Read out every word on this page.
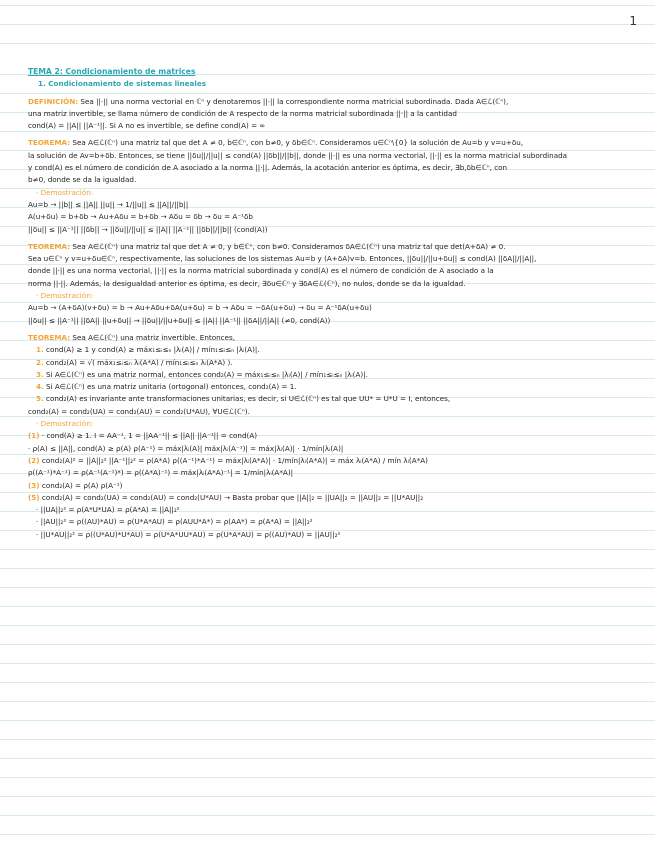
1
TEMA 2: Condicionamiento de matrices
1. Condicionamiento de sistemas lineales
DEFINICIÓN: Sea ||·|| una norma vectorial en ℂⁿ y denotaremos ||·|| la correspondiente norma matricial subordinada. Dada A∈ℒ(ℂⁿ),
una matriz invertible, se llama número de condición de A respecto de la norma matricial subordinada ||·|| a la cantidad
cond(A) = ||A|| ||A⁻¹||. Si A no es invertible, se define cond(A) = ∞
TEOREMA: Sea A∈ℒ(ℂⁿ) una matriz tal que det A ≠ 0, b∈ℂⁿ, con b≠0, y δb∈ℂⁿ. Consideramos u∈ℂⁿ\{0} la solución de Au=b y v=u+δu,
la solución de Av=b+δb. Entonces, se tiene ||δu||/||u|| ≤ cond(A) ||δb||/||b||, donde ||·|| es una norma vectorial, ||·|| es la norma matricial subordinada
y cond(A) es el número de condición de A asociado a la norma ||·||. Además, la acotación anterior es óptima, es decir, ∃b,δb∈ℂⁿ, con
b≠0, donde se da la igualdad.
· Demostración:
Au=b → ||b|| ≤ ||A|| ||u|| → 1/||u|| ≤ ||A||/||b||
A(u+δu) = b+δb → Au+Aδu = b+δb → Aδu = δb → δu = A⁻¹δb
||δu|| ≤ ||A⁻¹|| ||δb|| → ||δu||/||u|| ≤ ||A|| ||A⁻¹|| ||δb||/||b|| (cond(A))
TEOREMA: Sea A∈ℒ(ℂⁿ) una matriz tal que det A ≠ 0, y b∈ℂⁿ, con b≠0. Consideramos δA∈ℒ(ℂⁿ) una matriz tal que det(A+δA) ≠ 0.
Sea u∈ℂⁿ y v=u+δu∈ℂⁿ, respectivamente, las soluciones de los sistemas Au=b y (A+δA)v=b. Entonces, ||δu||/||u+δu|| ≤ cond(A) ||δA||/||A||,
donde ||·|| es una norma vectorial, ||·|| es la norma matricial subordinada y cond(A) es el número de condición de A asociado a la
norma ||·||. Además, la desigualdad anterior es óptima, es decir, ∃δu∈ℂⁿ y ∃δA∈ℒ(ℂⁿ), no nulos, donde se da la igualdad.
· Demostración:
Au=b → (A+δA)(v+δu) = b → Au+Aδu+δA(u+δu) = b → Aδu = −δA(u+δu) → δu = A⁻¹δA(u+δu)
||δu|| ≤ ||A⁻¹|| ||δA|| ||u+δu|| → ||δu||/||u+δu|| ≤ ||A|| ||A⁻¹|| ||δA||/||A|| (≠0, cond(A))
TEOREMA: Sea A∈ℒ(ℂⁿ) una matriz invertible. Entonces,
1. cond(A) ≥ 1 y cond(A) ≥ máx₁≤ᵢ≤ₙ |λᵢ(A)| / mín₁≤ᵢ≤ₙ |λᵢ(A)|.
2. cond₂(A) = √( máx₁≤ᵢ≤ₙ λᵢ(A*A) / mín₁≤ᵢ≤ₙ λᵢ(A*A) ).
3. Si A∈ℒ(ℂⁿ) es una matriz normal, entonces cond₂(A) = máx₁≤ᵢ≤ₙ |λᵢ(A)| / mín₁≤ᵢ≤ₙ |λᵢ(A)|.
4. Si A∈ℒ(ℂⁿ) es una matriz unitaria (ortogonal) entonces, cond₂(A) = 1.
5. cond₂(A) es invariante ante transformaciones unitarias, es decir, si U∈ℒ(ℂⁿ) es tal que UU* = U*U = I, entonces,
cond₂(A) = cond₂(UA) = cond₂(AU) = cond₂(U*AU), ∀U∈ℒ(ℂⁿ).
· Demostración:
(1) · cond(A) ≥ 1. I = AA⁻¹, 1 = ||AA⁻¹|| ≤ ||A|| ||A⁻¹|| = cond(A)
· ρ(A) ≤ ||A||, cond(A) ≥ ρ(A) ρ(A⁻¹) = máx|λᵢ(A)| máx|λᵢ(A⁻¹)| = máx|λᵢ(A)| · 1/mín|λᵢ(A)|
(2) cond₂(A)² = ||A||₂² ||A⁻¹||₂² = ρ(A*A) ρ((A⁻¹)*A⁻¹) = máx|λᵢ(A*A)| · 1/mín|λᵢ(A*A)| = máx λᵢ(A*A) / mín λᵢ(A*A)
ρ((A⁻¹)*A⁻¹) = ρ(A⁻¹(A⁻¹)*) = ρ((A*A)⁻¹) = máx|λᵢ(A*A)⁻¹| = 1/mín|λᵢ(A*A)|
(3) cond₂(A) = ρ(A) ρ(A⁻¹)
(5) cond₂(A) = cond₂(UA) = cond₂(AU) = cond₂(U*AU) → Basta probar que ||A||₂ = ||UA||₂ = ||AU||₂ = ||U*AU||₂
· ||UA||₂² = ρ(A*U*UA) = ρ(A*A) = ||A||₂²
· ||AU||₂² = ρ((AU)*AU) = ρ(U*A*AU) = ρ(AUU*A*) = ρ(AA*) = ρ(A*A) = ||A||₂²
· ||U*AU||₂² = ρ((U*AU)*U*AU) = ρ(U*A*UU*AU) = ρ(U*A*AU) = ρ((AU)*AU) = ||AU||₂²
